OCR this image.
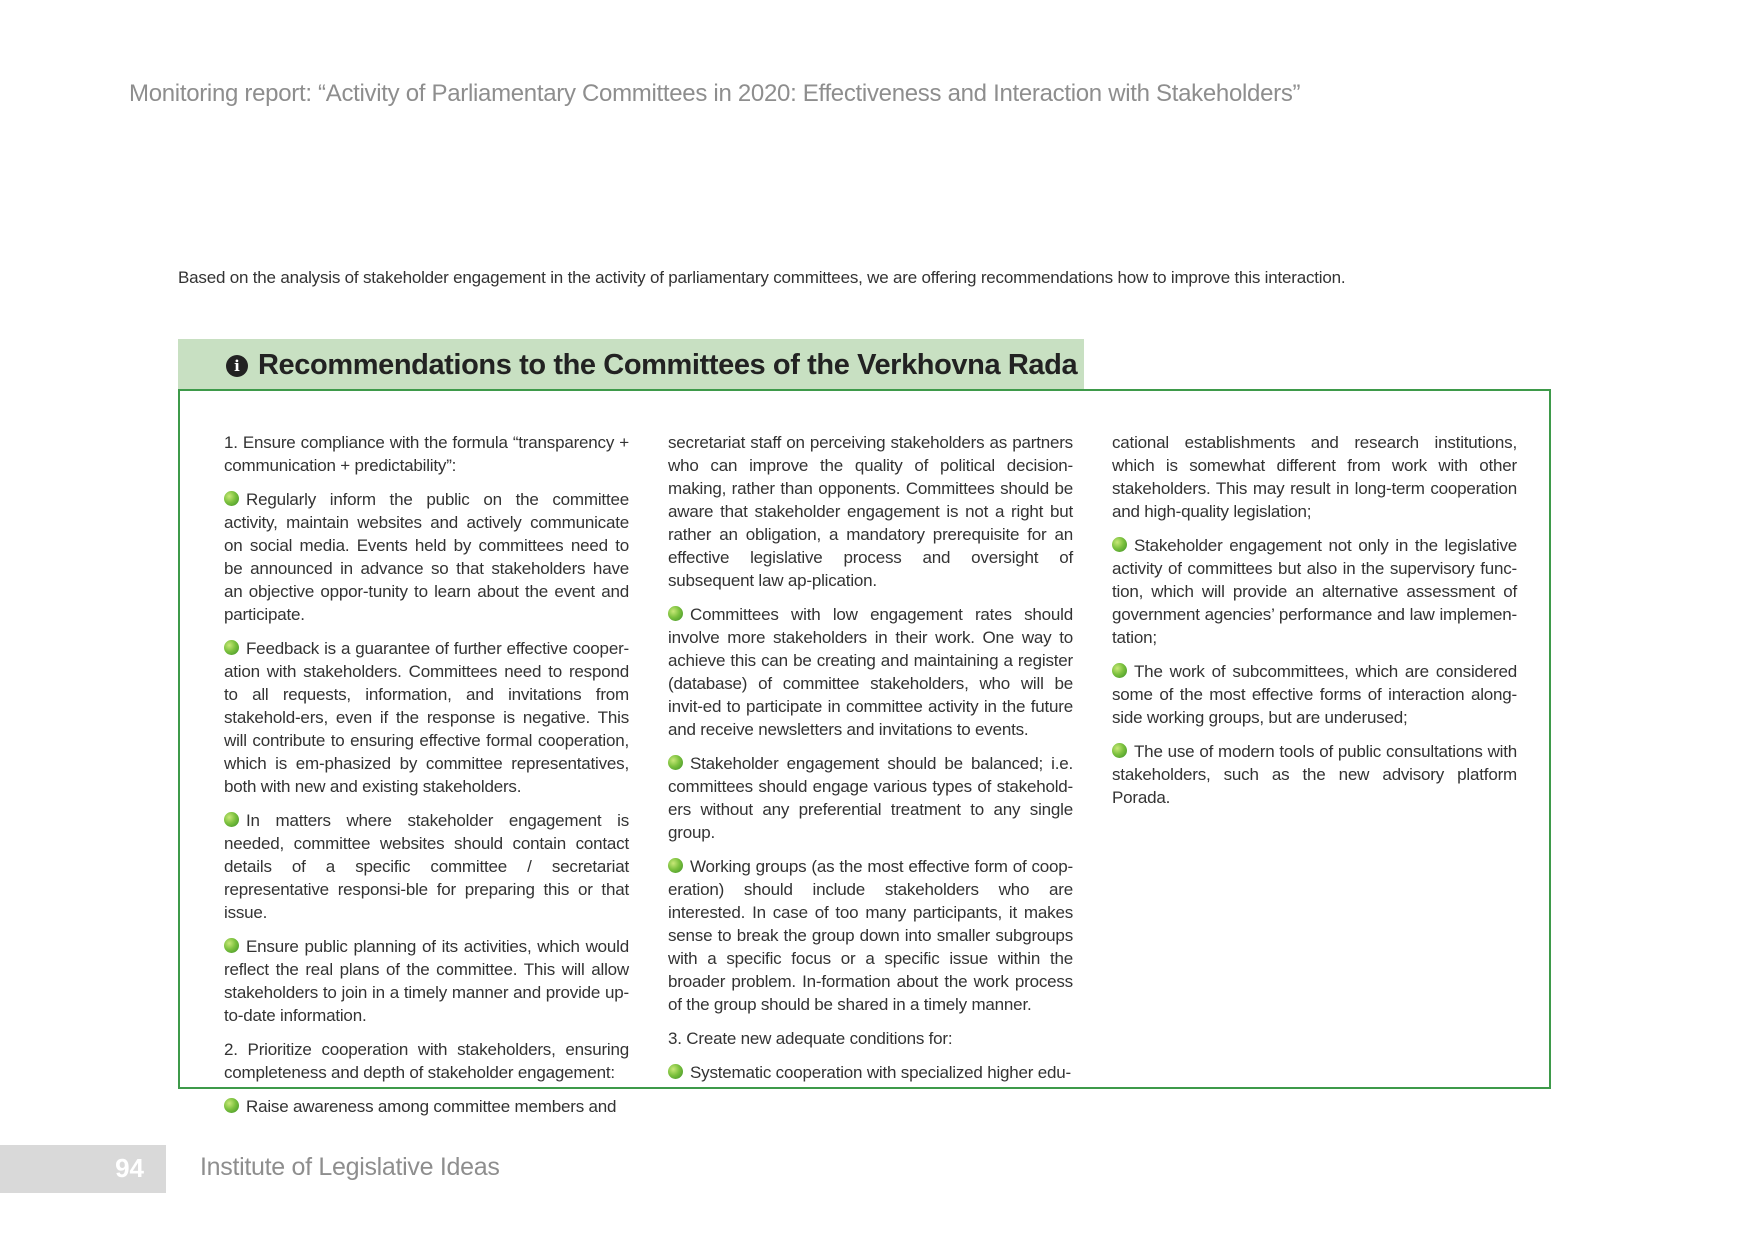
Monitoring report: “Activity of Parliamentary Committees in 2020: Effectiveness and Interaction with Stakeholders”
Based on the analysis of stakeholder engagement in the activity of parliamentary committees, we are offering recommendations how to improve this interaction.
i Recommendations to the Committees of the Verkhovna Rada
1. Ensure compliance with the formula “transparency + communication + predictability”:
Regularly inform the public on the committee activity, maintain websites and actively communicate on social media. Events held by committees need to be announced in advance so that stakeholders have an objective oppor-tunity to learn about the event and participate.
Feedback is a guarantee of further effective cooper-ation with stakeholders. Committees need to respond to all requests, information, and invitations from stakehold-ers, even if the response is negative. This will contribute to ensuring effective formal cooperation, which is em-phasized by committee representatives, both with new and existing stakeholders.
In matters where stakeholder engagement is needed, committee websites should contain contact details of a specific committee / secretariat representative responsi-ble for preparing this or that issue.
Ensure public planning of its activities, which would reflect the real plans of the committee. This will allow stakeholders to join in a timely manner and provide up-to-date information.
2. Prioritize cooperation with stakeholders, ensuring completeness and depth of stakeholder engagement:
Raise awareness among committee members and
secretariat staff on perceiving stakeholders as partners who can improve the quality of political decision-making, rather than opponents. Committees should be aware that stakeholder engagement is not a right but rather an obligation, a mandatory prerequisite for an effective legislative process and oversight of subsequent law ap-plication.
Committees with low engagement rates should involve more stakeholders in their work. One way to achieve this can be creating and maintaining a register (database) of committee stakeholders, who will be invit-ed to participate in committee activity in the future and receive newsletters and invitations to events.
Stakeholder engagement should be balanced; i.e. committees should engage various types of stakehold-ers without any preferential treatment to any single group.
Working groups (as the most effective form of coop-eration) should include stakeholders who are interested. In case of too many participants, it makes sense to break the group down into smaller subgroups with a specific focus or a specific issue within the broader problem. In-formation about the work process of the group should be shared in a timely manner.
3. Create new adequate conditions for:
Systematic cooperation with specialized higher edu-
cational establishments and research institutions, which is somewhat different from work with other stakeholders. This may result in long-term cooperation and high-quality legislation;
Stakeholder engagement not only in the legislative activity of committees but also in the supervisory func-tion, which will provide an alternative assessment of government agencies’ performance and law implemen-tation;
The work of subcommittees, which are considered some of the most effective forms of interaction along-side working groups, but are underused;
The use of modern tools of public consultations with stakeholders, such as the new advisory platform Porada.
94 Institute of Legislative Ideas
